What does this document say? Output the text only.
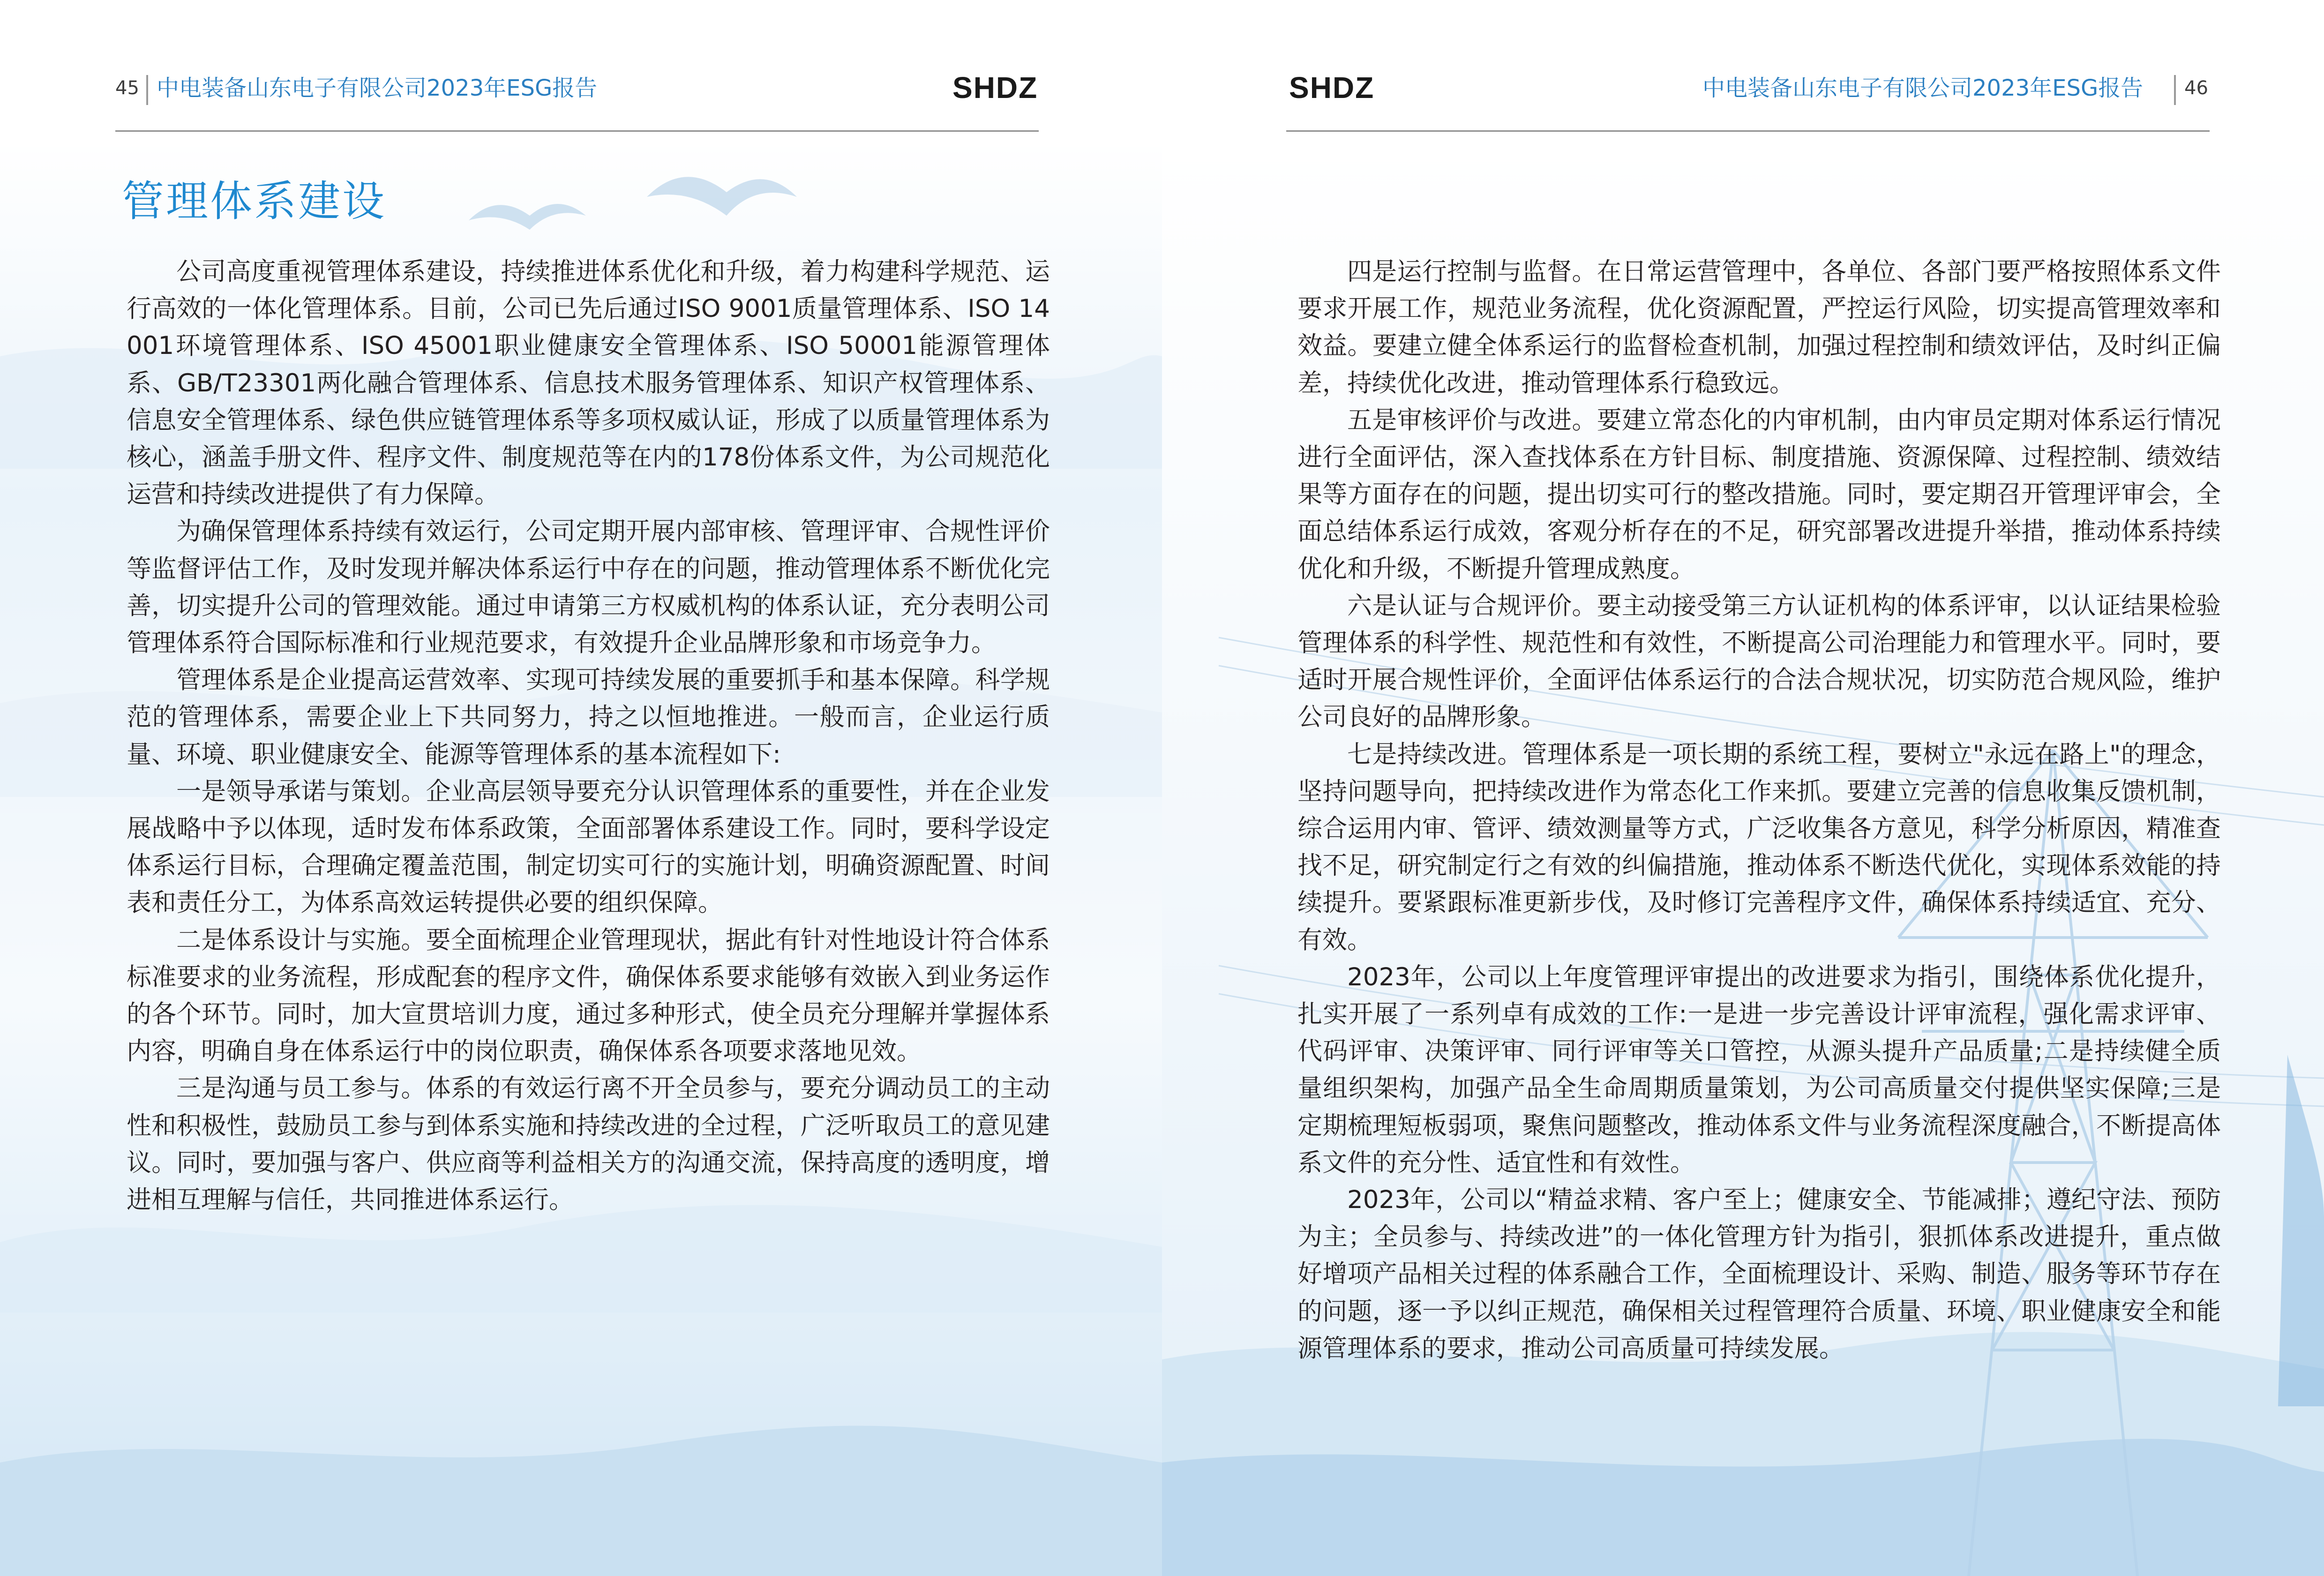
45 中电装备山东电子有限公司2023年ESG报告	SHDZ
管理体系建设

公司高度重视管理体系建设，持续推进体系优化和升级，着力构建科学规范、运行高效的一体化管理体系。目前，公司已先后通过ISO 9001质量管理体系、ISO 14001环境管理体系、ISO 45001职业健康安全管理体系、ISO 50001能源管理体系、GB/T23301两化融合管理体系、信息技术服务管理体系、知识产权管理体系、信息安全管理体系、绿色供应链管理体系等多项权威认证，形成了以质量管理体系为核心，涵盖手册文件、程序文件、制度规范等在内的178份体系文件，为公司规范化运营和持续改进提供了有力保障。

为确保管理体系持续有效运行，公司定期开展内部审核、管理评审、合规性评价等监督评估工作，及时发现并解决体系运行中存在的问题，推动管理体系不断优化完善，切实提升公司的管理效能。通过申请第三方权威机构的体系认证，充分表明公司管理体系符合国际标准和行业规范要求，有效提升企业品牌形象和市场竞争力。

管理体系是企业提高运营效率、实现可持续发展的重要抓手和基本保障。科学规范的管理体系，需要企业上下共同努力，持之以恒地推进。一般而言，企业运行质量、环境、职业健康安全、能源等管理体系的基本流程如下:

一是领导承诺与策划。企业高层领导要充分认识管理体系的重要性，并在企业发展战略中予以体现，适时发布体系政策，全面部署体系建设工作。同时，要科学设定体系运行目标，合理确定覆盖范围，制定切实可行的实施计划，明确资源配置、时间表和责任分工，为体系高效运转提供必要的组织保障。

二是体系设计与实施。要全面梳理企业管理现状，据此有针对性地设计符合体系标准要求的业务流程，形成配套的程序文件，确保体系要求能够有效嵌入到业务运作的各个环节。同时，加大宣贯培训力度，通过多种形式，使全员充分理解并掌握体系内容，明确自身在体系运行中的岗位职责，确保体系各项要求落地见效。

三是沟通与员工参与。体系的有效运行离不开全员参与，要充分调动员工的主动性和积极性，鼓励员工参与到体系实施和持续改进的全过程，广泛听取员工的意见建议。同时，要加强与客户、供应商等利益相关方的沟通交流，保持高度的透明度，增进相互理解与信任，共同推进体系运行。

SHDZ	中电装备山东电子有限公司2023年ESG报告 46

四是运行控制与监督。在日常运营管理中，各单位、各部门要严格按照体系文件要求开展工作，规范业务流程，优化资源配置，严控运行风险，切实提高管理效率和效益。要建立健全体系运行的监督检查机制，加强过程控制和绩效评估，及时纠正偏差，持续优化改进，推动管理体系行稳致远。

五是审核评价与改进。要建立常态化的内审机制，由内审员定期对体系运行情况进行全面评估，深入查找体系在方针目标、制度措施、资源保障、过程控制、绩效结果等方面存在的问题，提出切实可行的整改措施。同时，要定期召开管理评审会，全面总结体系运行成效，客观分析存在的不足，研究部署改进提升举措，推动体系持续优化和升级，不断提升管理成熟度。

六是认证与合规评价。要主动接受第三方认证机构的体系评审，以认证结果检验管理体系的科学性、规范性和有效性，不断提高公司治理能力和管理水平。同时，要适时开展合规性评价，全面评估体系运行的合法合规状况，切实防范合规风险，维护公司良好的品牌形象。

七是持续改进。管理体系是一项长期的系统工程，要树立"永远在路上"的理念，坚持问题导向，把持续改进作为常态化工作来抓。要建立完善的信息收集反馈机制，综合运用内审、管评、绩效测量等方式，广泛收集各方意见，科学分析原因，精准查找不足，研究制定行之有效的纠偏措施，推动体系不断迭代优化，实现体系效能的持续提升。要紧跟标准更新步伐，及时修订完善程序文件，确保体系持续适宜、充分、有效。

2023年，公司以上年度管理评审提出的改进要求为指引，围绕体系优化提升，扎实开展了一系列卓有成效的工作:一是进一步完善设计评审流程，强化需求评审、代码评审、决策评审、同行评审等关口管控，从源头提升产品质量;二是持续健全质量组织架构，加强产品全生命周期质量策划，为公司高质量交付提供坚实保障;三是定期梳理短板弱项，聚焦问题整改，推动体系文件与业务流程深度融合，不断提高体系文件的充分性、适宜性和有效性。

2023年，公司以“精益求精、客户至上；健康安全、节能减排；遵纪守法、预防为主；全员参与、持续改进”的一体化管理方针为指引，狠抓体系改进提升，重点做好增项产品相关过程的体系融合工作，全面梳理设计、采购、制造、服务等环节存在的问题，逐一予以纠正规范，确保相关过程管理符合质量、环境、职业健康安全和能源管理体系的要求，推动公司高质量可持续发展。
